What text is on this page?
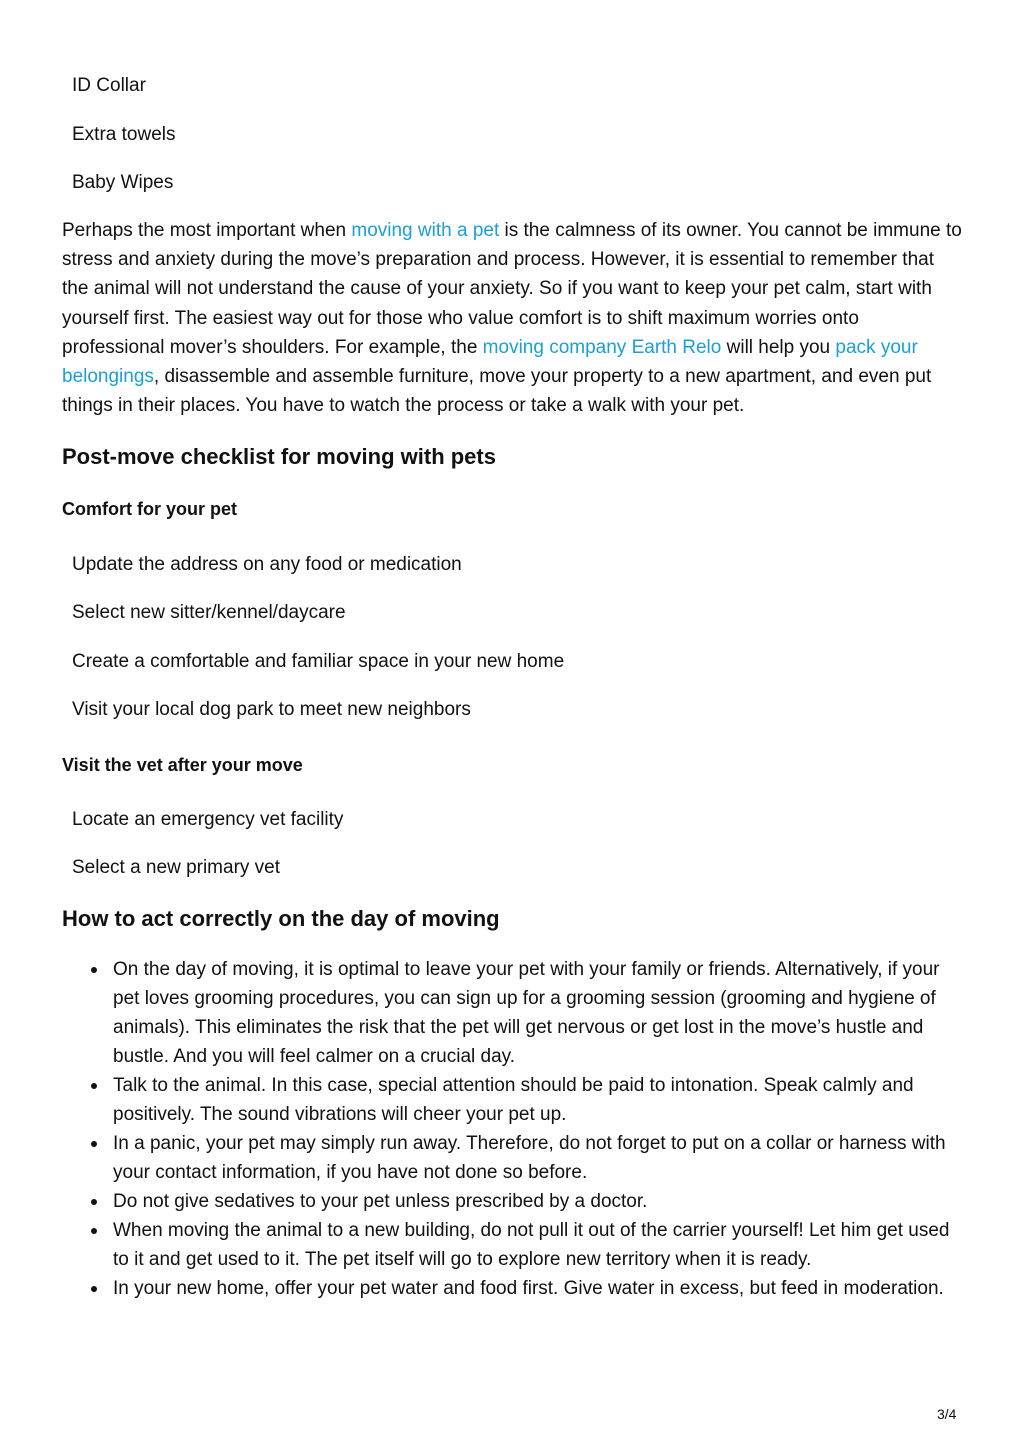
ID Collar

Extra towels

Baby Wipes

Perhaps the most important when moving with a pet is the calmness of its owner. You cannot be immune to stress and anxiety during the move’s preparation and process. However, it is essential to remember that the animal will not understand the cause of your anxiety. So if you want to keep your pet calm, start with yourself first. The easiest way out for those who value comfort is to shift maximum worries onto professional mover’s shoulders. For example, the moving company Earth Relo will help you pack your belongings, disassemble and assemble furniture, move your property to a new apartment, and even put things in their places. You have to watch the process or take a walk with your pet.

Post-move checklist for moving with pets
Comfort for your pet

Update the address on any food or medication

Select new sitter/kennel/daycare

Create a comfortable and familiar space in your new home

Visit your local dog park to meet new neighbors

Visit the vet after your move

Locate an emergency vet facility

Select a new primary vet

How to act correctly on the day of moving
On the day of moving, it is optimal to leave your pet with your family or friends. Alternatively, if your pet loves grooming procedures, you can sign up for a grooming session (grooming and hygiene of animals). This eliminates the risk that the pet will get nervous or get lost in the move’s hustle and bustle. And you will feel calmer on a crucial day.
Talk to the animal. In this case, special attention should be paid to intonation. Speak calmly and positively. The sound vibrations will cheer your pet up.
In a panic, your pet may simply run away. Therefore, do not forget to put on a collar or harness with your contact information, if you have not done so before.
Do not give sedatives to your pet unless prescribed by a doctor.
When moving the animal to a new building, do not pull it out of the carrier yourself! Let him get used to it and get used to it. The pet itself will go to explore new territory when it is ready.
In your new home, offer your pet water and food first. Give water in excess, but feed in moderation.
3/4
